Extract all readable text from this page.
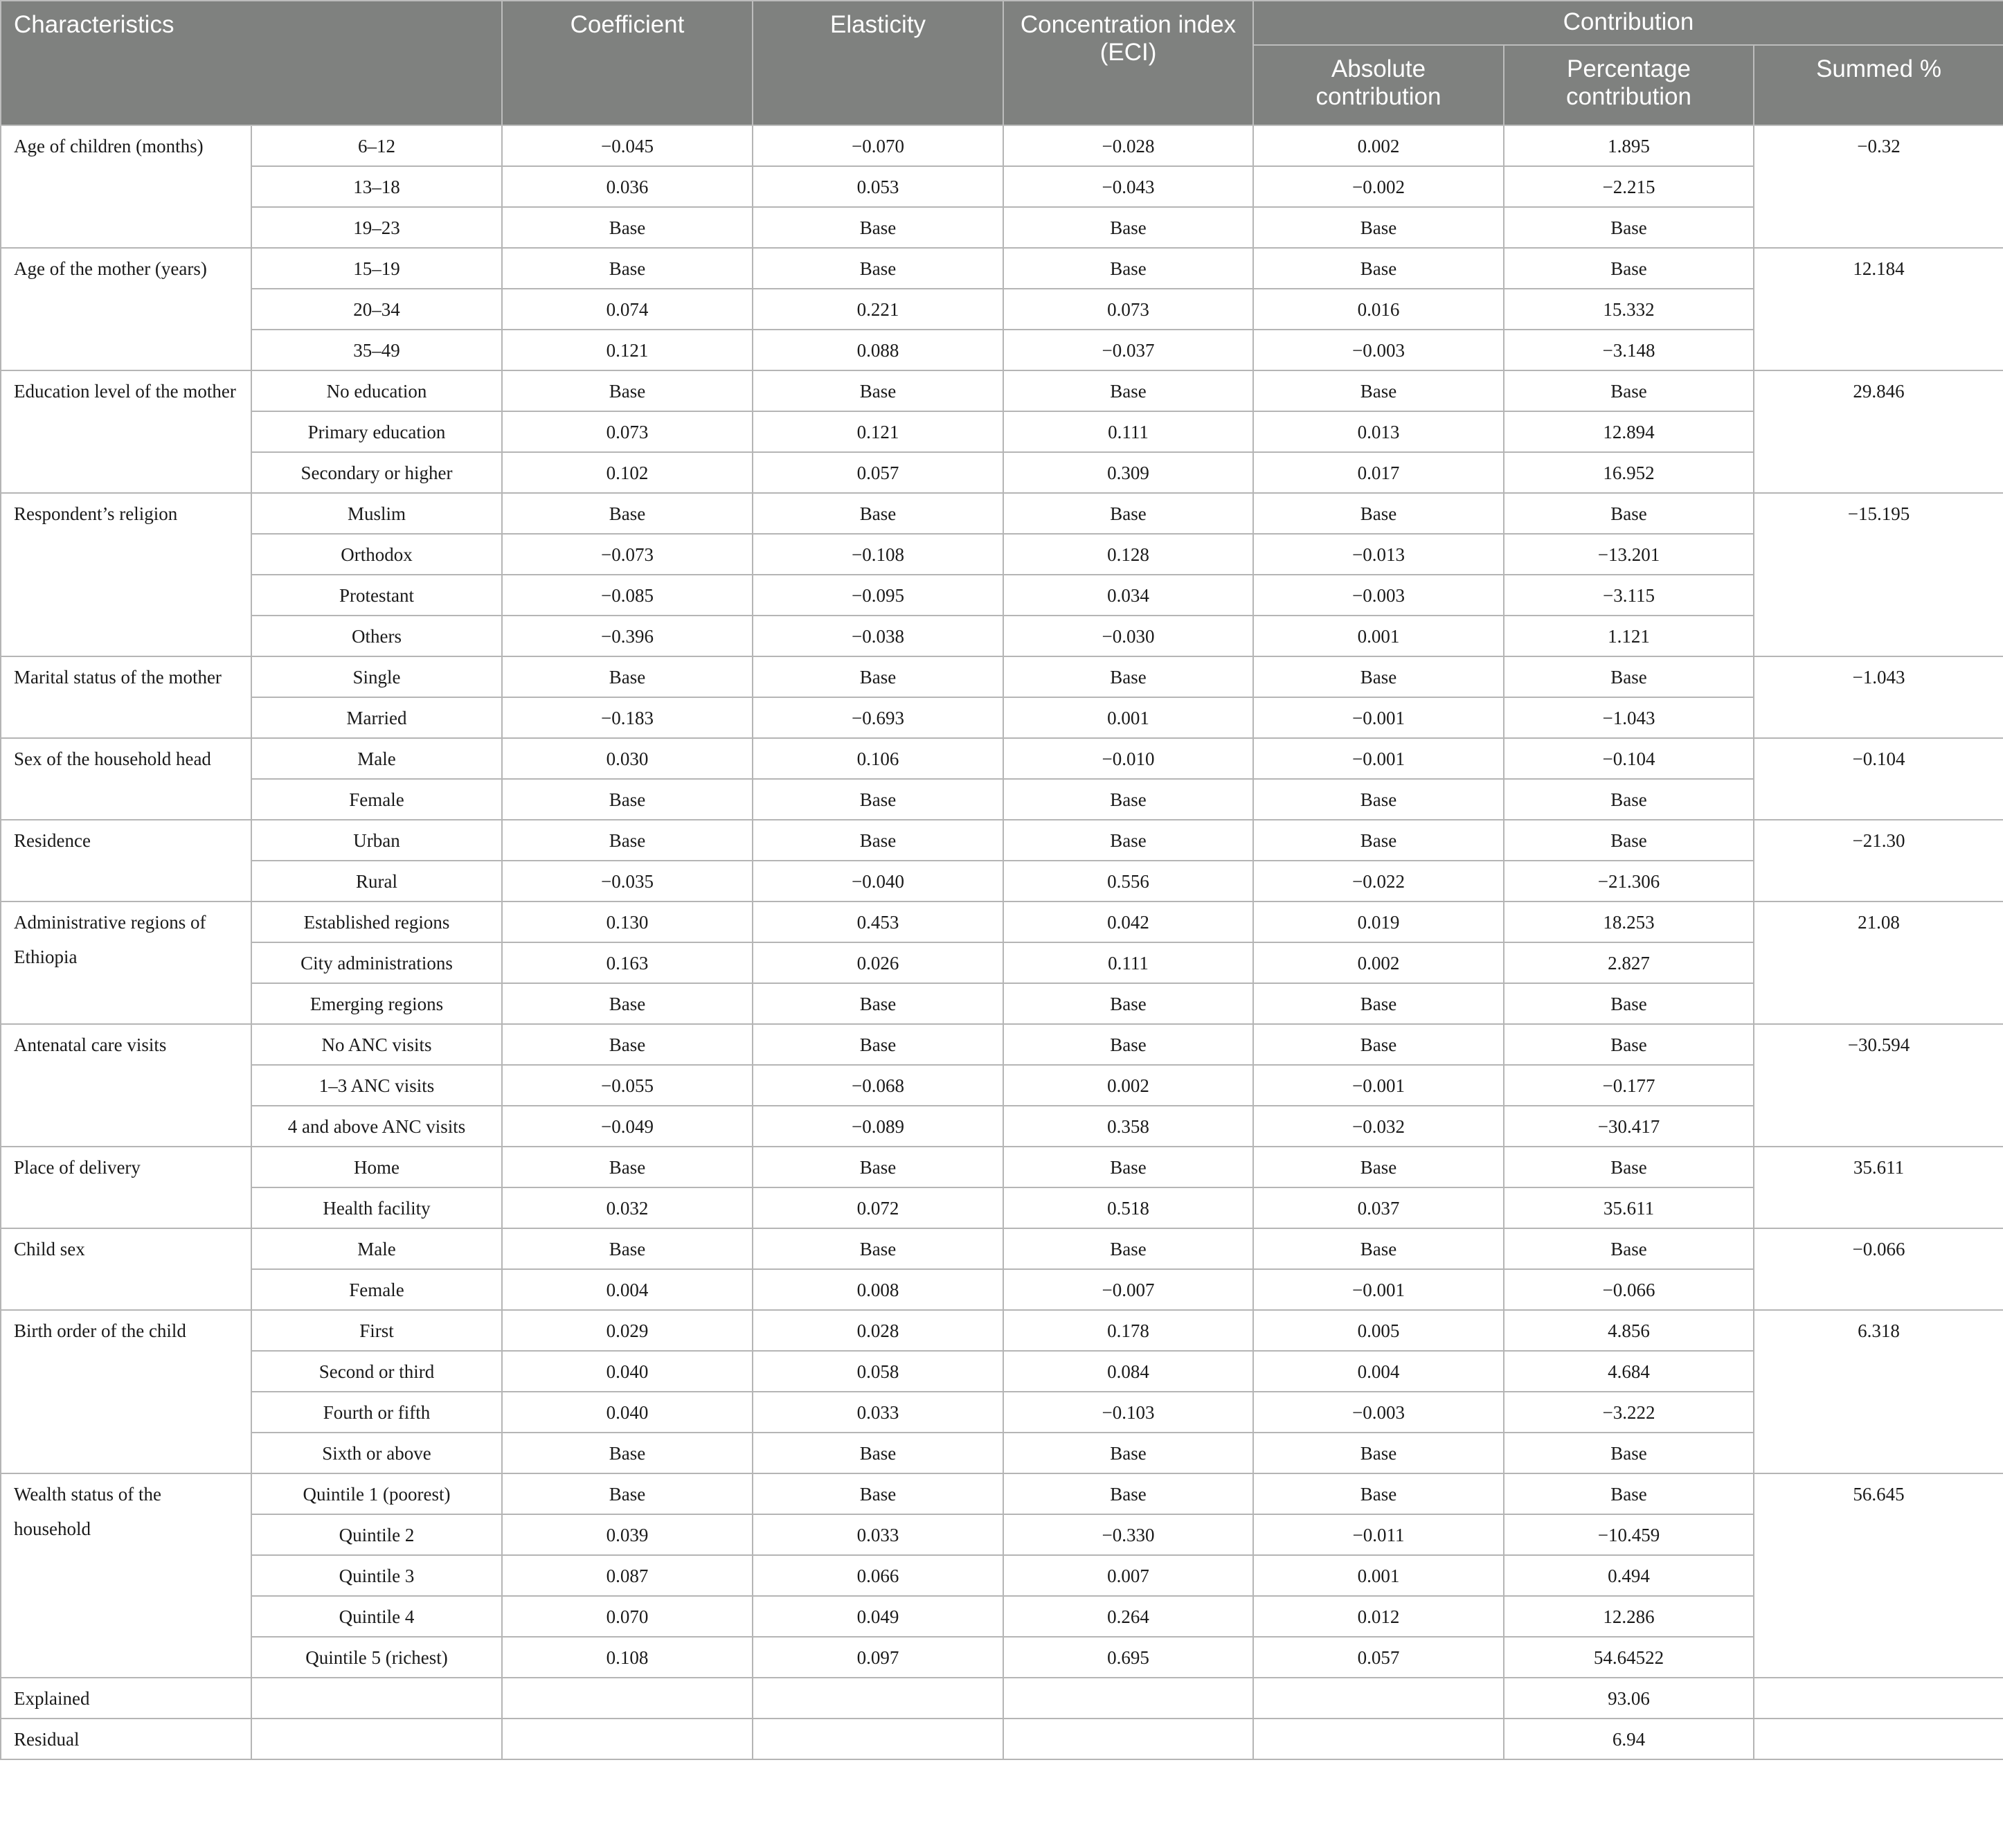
Characteristics		Coefficient	Elasticity	Concentration index (ECI)	Contribution		
					Absolute contribution	Percentage contribution	Summed %
Age of children (months)	6–12	−0.045	−0.070	−0.028	0.002	1.895	−0.32
	13–18	0.036	0.053	−0.043	−0.002	−2.215	
	19–23	Base	Base	Base	Base	Base	
Age of the mother (years)	15–19	Base	Base	Base	Base	Base	12.184
	20–34	0.074	0.221	0.073	0.016	15.332	
	35–49	0.121	0.088	−0.037	−0.003	−3.148	
Education level of the mother	No education	Base	Base	Base	Base	Base	29.846
	Primary education	0.073	0.121	0.111	0.013	12.894	
	Secondary or higher	0.102	0.057	0.309	0.017	16.952	
Respondent’s religion	Muslim	Base	Base	Base	Base	Base	−15.195
	Orthodox	−0.073	−0.108	0.128	−0.013	−13.201	
	Protestant	−0.085	−0.095	0.034	−0.003	−3.115	
	Others	−0.396	−0.038	−0.030	0.001	1.121	
Marital status of the mother	Single	Base	Base	Base	Base	Base	−1.043
	Married	−0.183	−0.693	0.001	−0.001	−1.043	
Sex of the household head	Male	0.030	0.106	−0.010	−0.001	−0.104	−0.104
	Female	Base	Base	Base	Base	Base	
Residence	Urban	Base	Base	Base	Base	Base	−21.30
	Rural	−0.035	−0.040	0.556	−0.022	−21.306	
Administrative regions of Ethiopia	Established regions	0.130	0.453	0.042	0.019	18.253	21.08
	City administrations	0.163	0.026	0.111	0.002	2.827	
	Emerging regions	Base	Base	Base	Base	Base	
Antenatal care visits	No ANC visits	Base	Base	Base	Base	Base	−30.594
	1–3 ANC visits	−0.055	−0.068	0.002	−0.001	−0.177	
	4 and above ANC visits	−0.049	−0.089	0.358	−0.032	−30.417	
Place of delivery	Home	Base	Base	Base	Base	Base	35.611
	Health facility	0.032	0.072	0.518	0.037	35.611	
Child sex	Male	Base	Base	Base	Base	Base	−0.066
	Female	0.004	0.008	−0.007	−0.001	−0.066	
Birth order of the child	First	0.029	0.028	0.178	0.005	4.856	6.318
	Second or third	0.040	0.058	0.084	0.004	4.684	
	Fourth or fifth	0.040	0.033	−0.103	−0.003	−3.222	
	Sixth or above	Base	Base	Base	Base	Base	
Wealth status of the household	Quintile 1 (poorest)	Base	Base	Base	Base	Base	56.645
	Quintile 2	0.039	0.033	−0.330	−0.011	−10.459	
	Quintile 3	0.087	0.066	0.007	0.001	0.494	
	Quintile 4	0.070	0.049	0.264	0.012	12.286	
	Quintile 5 (richest)	0.108	0.097	0.695	0.057	54.64522	
Explained						93.06	
Residual						6.94	
